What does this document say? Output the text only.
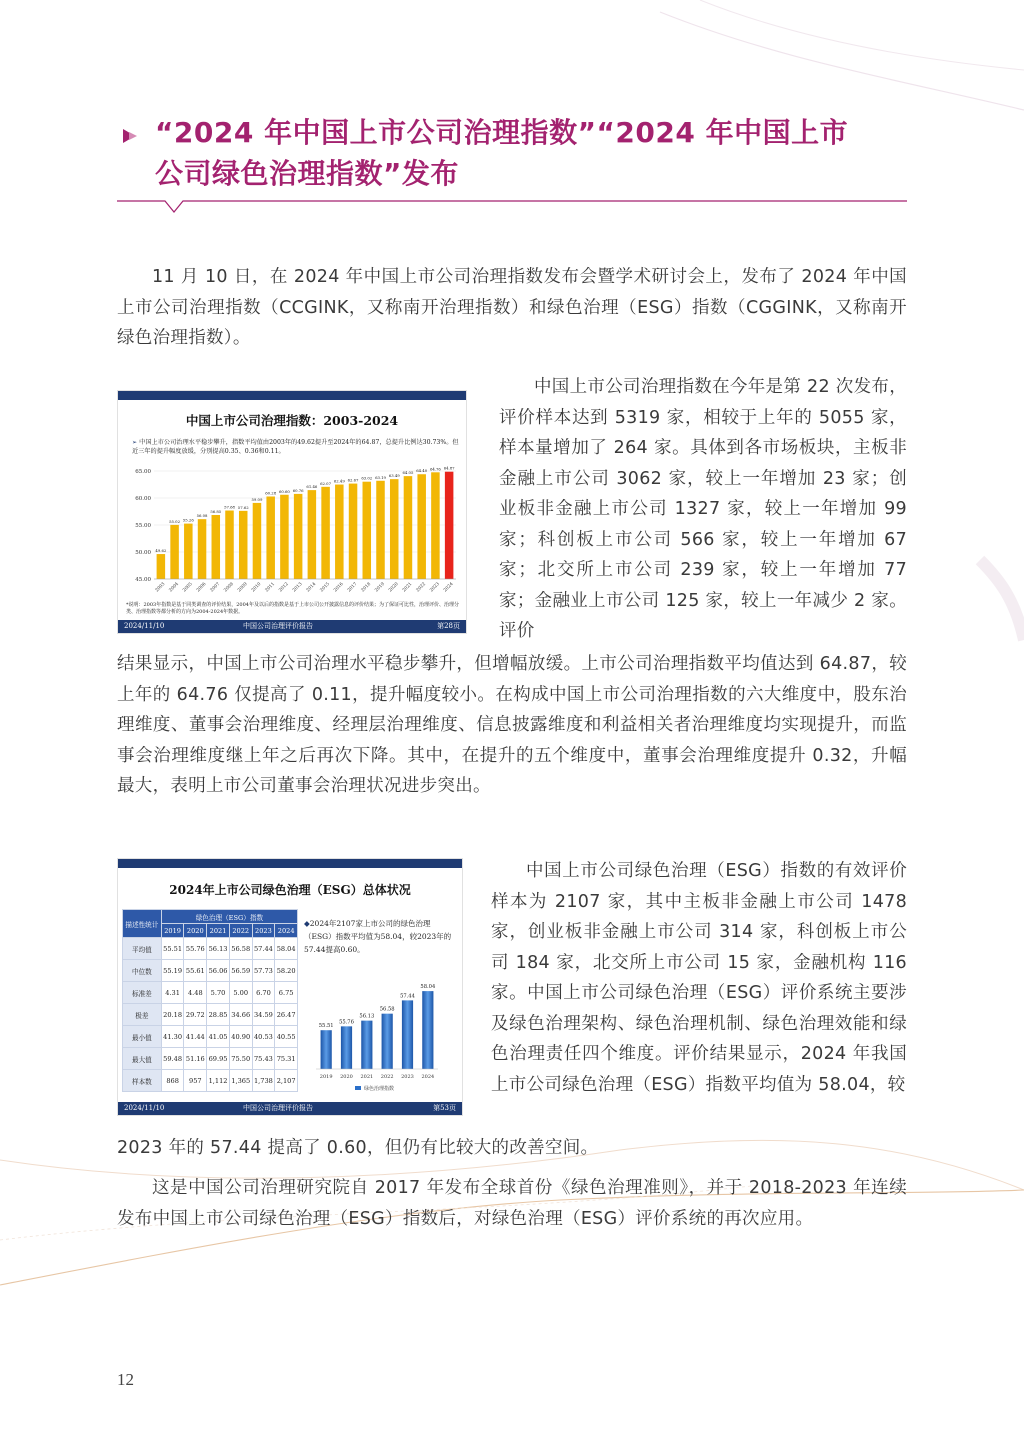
“2024 年中国上市公司治理指数”“2024 年中国上市
公司绿色治理指数”发布

11 月 10 日，在 2024 年中国上市公司治理指数发布会暨学术研讨会上，发布了 2024 年中国上市公司治理指数（CCGINK，又称南开治理指数）和绿色治理（ESG）指数（CGGINK，又称南开绿色治理指数）。

中国上市公司治理指数：2003-2024
45.00
50.00
55.00
60.00
65.00
49.62
2003
55.02
2004
55.26
2005
56.08
2006
56.85
2007
57.68
2008
57.62
2009
59.09
2010
60.28
2011
60.60
2012
60.76
2013
61.46
2014
62.07
2015
62.49
2016
62.67
2017
63.02
2018
63.19
2019
63.49
2020
64.05
2021
64.40
2022
64.76
2023
64.87
2024
➢ 中国上市公司治理水平稳步攀升，指数平均值由2003年的49.62提升至2024年的64.87，总提升比例达30.73%。但近三年的提升幅度放缓，分别提高0.35、0.36和0.11。
*说明：2003年指数是基于同类调查的评价结果，2004年及以后的指数是基于上市公司公开披露信息的评价结果；为了保证可比性，治理评价、治理分类、治理指数等都分析的方向为2004-2024年数据。
2024/11/10	中国公司治理评价报告	第28页

中国上市公司治理指数在今年是第 22 次发布，评价样本达到 5319 家，相较于上年的 5055 家，样本量增加了 264 家。具体到各市场板块，主板非金融上市公司 3062 家，较上一年增加 23 家；创业板非金融上市公司 1327 家，较上一年增加 99 家；科创板上市公司 566 家，较上一年增加 67 家；北交所上市公司 239 家，较上一年增加 77 家；金融业上市公司 125 家，较上一年减少 2 家。评价

结果显示，中国上市公司治理水平稳步攀升，但增幅放缓。上市公司治理指数平均值达到 64.87，较上年的 64.76 仅提高了 0.11，提升幅度较小。在构成中国上市公司治理指数的六大维度中，股东治理维度、董事会治理维度、经理层治理维度、信息披露维度和利益相关者治理维度均实现提升，而监事会治理维度继上年之后再次下降。其中，在提升的五个维度中，董事会治理维度提升 0.32，升幅最大，表明上市公司董事会治理状况进步突出。

2024年上市公司绿色治理（ESG）总体状况
描述性统计	绿色治理（ESG）指数					
	2019	2020	2021	2022	2023	2024
平均值	55.51	55.76	56.13	56.58	57.44	58.04
中位数	55.19	55.61	56.06	56.59	57.73	58.20
标准差	4.31	4.48	5.70	5.00	6.70	6.75
极差	20.18	29.72	28.85	34.66	34.59	26.47
最小值	41.30	41.44	41.05	40.90	40.53	40.55
最大值	59.48	51.16	69.95	75.50	75.43	75.31
样本数	868	957	1,112	1,365	1,738	2,107
◆2024年2107家上市公司的绿色治理（ESG）指数平均值为58.04，较2023年的57.44提高0.60。
55.51
2019
55.76
2020
56.13
2021
56.58
2022
57.44
2023
58.04
2024
绿色治理指数
2024/11/10	中国公司治理评价报告	第53页

中国上市公司绿色治理（ESG）指数的有效评价样本为 2107 家，其中主板非金融上市公司 1478 家，创业板非金融上市公司 314 家，科创板上市公司 184 家，北交所上市公司 15 家，金融机构 116 家。中国上市公司绿色治理（ESG）评价系统主要涉及绿色治理架构、绿色治理机制、绿色治理效能和绿色治理责任四个维度。评价结果显示，2024 年我国上市公司绿色治理（ESG）指数平均值为 58.04，较

2023 年的 57.44 提高了 0.60，但仍有比较大的改善空间。

这是中国公司治理研究院自 2017 年发布全球首份《绿色治理准则》，并于 2018-2023 年连续发布中国上市公司绿色治理（ESG）指数后，对绿色治理（ESG）评价系统的再次应用。

12
